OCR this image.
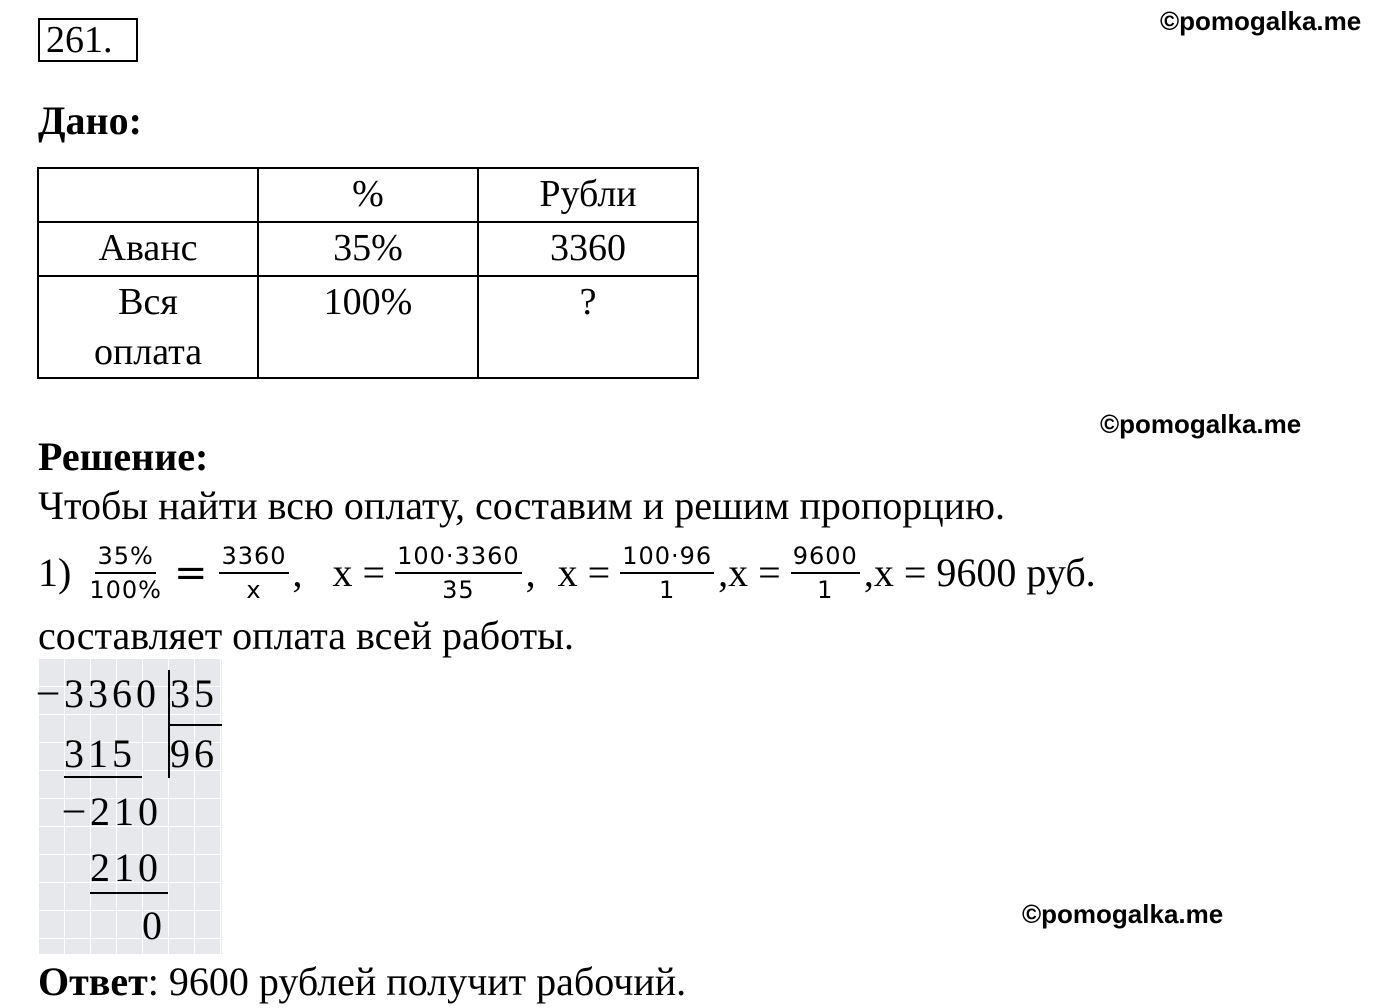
261.	©pomogalka.me
Дано:
	%	Рубли
Аванс	35%	3360
Вся
оплата	100%	?
©pomogalka.me
Решение:
Чтобы найти всю оплату, составим и решим пропорцию.
$1) \frac{35\%}{100\%} = \frac{3360}{x}$ , $x = \frac{100\cdot 3360}{35}$ , $x = \frac{100\cdot 96}{1}$ , $x = \frac{9600}{1}$ , x = 9600 руб.
составляет оплата всей работы.
– 3360 35
315 96
– 210
210
0	©pomogalka.me
Ответ: 9600 рублей получит рабочий.
